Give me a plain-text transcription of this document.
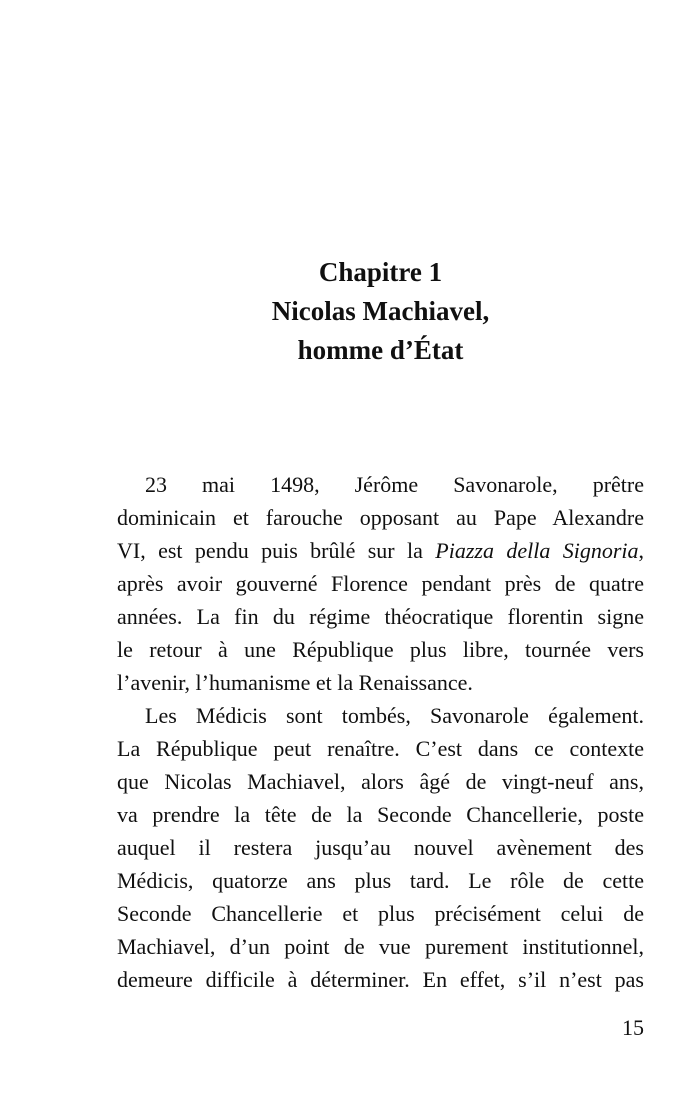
Chapitre 1
Nicolas Machiavel,
homme d’État
23 mai 1498, Jérôme Savonarole, prêtre
dominicain et farouche opposant au Pape Alexandre
VI, est pendu puis brûlé sur la Piazza della Signoria,
après avoir gouverné Florence pendant près de quatre
années. La fin du régime théocratique florentin signe
le retour à une République plus libre, tournée vers
l’avenir, l’humanisme et la Renaissance.
Les Médicis sont tombés, Savonarole également.
La République peut renaître. C’est dans ce contexte
que Nicolas Machiavel, alors âgé de vingt-neuf ans,
va prendre la tête de la Seconde Chancellerie, poste
auquel il restera jusqu’au nouvel avènement des
Médicis, quatorze ans plus tard. Le rôle de cette
Seconde Chancellerie et plus précisément celui de
Machiavel, d’un point de vue purement institutionnel,
demeure difficile à déterminer. En effet, s’il n’est pas
15
